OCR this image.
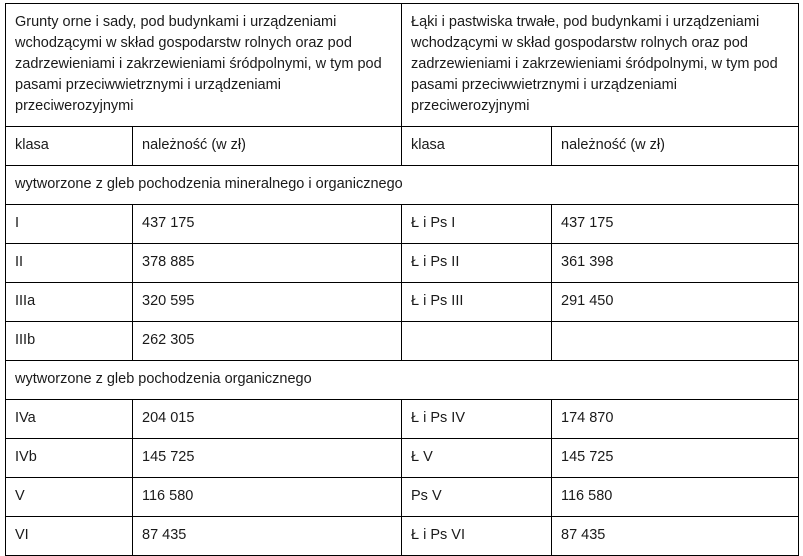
Grunty orne i sady, pod budynkami i urządzeniami wchodzącymi w skład gospodarstw rolnych oraz pod zadrzewieniami i zakrzewieniami śródpolnymi, w tym pod pasami przeciwwietrznymi i urządzeniami przeciwerozyjnymi	Łąki i pastwiska trwałe, pod budynkami i urządzeniami wchodzącymi w skład gospodarstw rolnych oraz pod zadrzewieniami i zakrzewieniami śródpolnymi, w tym pod pasami przeciwwietrznymi i urządzeniami przeciwerozyjnymi
klasa	należność (w zł)	klasa	należność (w zł)
wytworzone z gleb pochodzenia mineralnego i organicznego			
I	437 175	Ł i Ps I	437 175
II	378 885	Ł i Ps II	361 398
IIIa	320 595	Ł i Ps III	291 450
IIIb	262 305		
wytworzone z gleb pochodzenia organicznego			
IVa	204 015	Ł i Ps IV	174 870
IVb	145 725	Ł V	145 725
V	116 580	Ps V	116 580
VI	87 435	Ł i Ps VI	87 435
